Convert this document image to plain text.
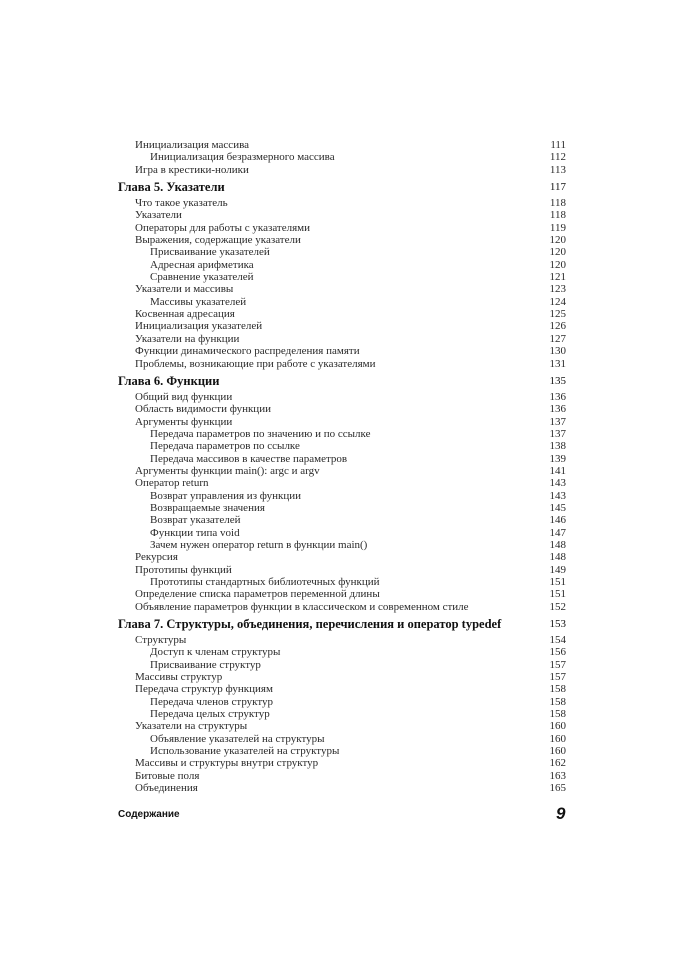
Инициализация массива	111
Инициализация безразмерного массива	112
Игра в крестики-нолики	113
Глава 5. Указатели	117
Что такое указатель	118
Указатели	118
Операторы для работы с указателями	119
Выражения, содержащие указатели	120
Присваивание указателей	120
Адресная арифметика	120
Сравнение указателей	121
Указатели и массивы	123
Массивы указателей	124
Косвенная адресация	125
Инициализация указателей	126
Указатели на функции	127
Функции динамического распределения памяти	130
Проблемы, возникающие при работе с указателями	131
Глава 6. Функции	135
Общий вид функции	136
Область видимости функции	136
Аргументы функции	137
Передача параметров по значению и по ссылке	137
Передача параметров по ссылке	138
Передача массивов в качестве параметров	139
Аргументы функции main(): argc и argv	141
Оператор return	143
Возврат управления из функции	143
Возвращаемые значения	145
Возврат указателей	146
Функции типа void	147
Зачем нужен оператор return в функции main()	148
Рекурсия	148
Прототипы функций	149
Прототипы стандартных библиотечных функций	151
Определение списка параметров переменной длины	151
Объявление параметров функции в классическом и современном стиле	152
Глава 7. Структуры, объединения, перечисления и оператор typedef	153
Структуры	154
Доступ к членам структуры	156
Присваивание структур	157
Массивы структур	157
Передача структур функциям	158
Передача членов структур	158
Передача целых структур	158
Указатели на структуры	160
Объявление указателей на структуры	160
Использование указателей на структуры	160
Массивы и структуры внутри структур	162
Битовые поля	163
Объединения	165
Содержание	9
